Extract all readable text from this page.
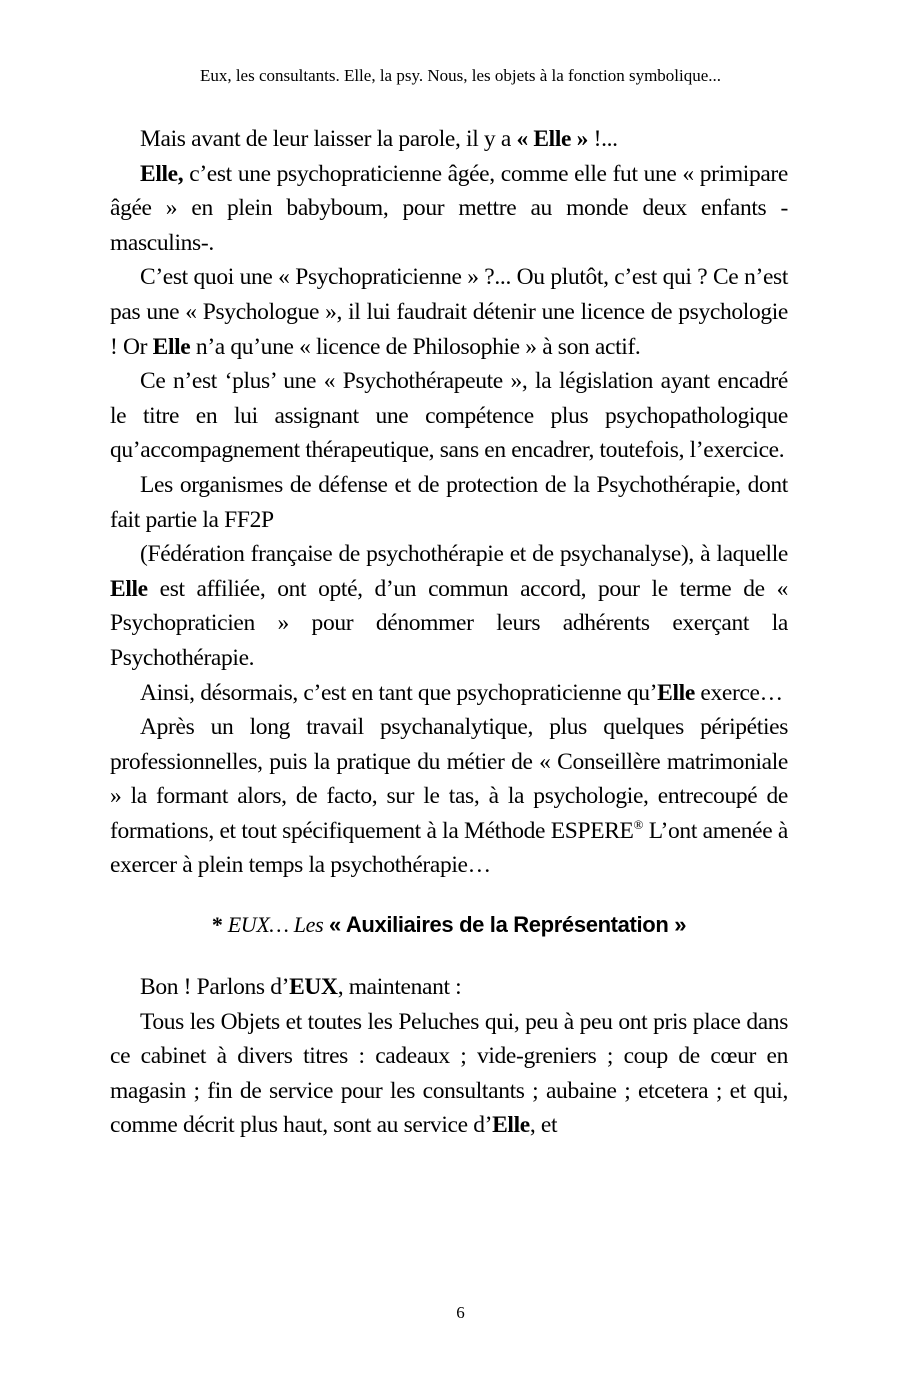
Eux, les consultants. Elle, la psy. Nous, les objets à la fonction symbolique...

Mais avant de leur laisser la parole, il y a « Elle » !...

Elle, c’est une psychopraticienne âgée, comme elle fut une « primipare âgée » en plein babyboum, pour mettre au monde deux enfants -masculins-.

C’est quoi une « Psychopraticienne » ?... Ou plutôt, c’est qui ? Ce n’est pas une « Psychologue », il lui faudrait détenir une licence de psychologie ! Or Elle n’a qu’une « licence de Philosophie » à son actif.

Ce n’est ‘plus’ une « Psychothérapeute », la législation ayant encadré le titre en lui assignant une compétence plus psychopathologique qu’accompagnement thérapeutique, sans en encadrer, toutefois, l’exercice.

Les organismes de défense et de protection de la Psychothérapie, dont fait partie la FF2P

(Fédération française de psychothérapie et de psychanalyse), à laquelle Elle est affiliée, ont opté, d’un commun accord, pour le terme de « Psychopraticien » pour dénommer leurs adhérents exerçant la Psychothérapie.

Ainsi, désormais, c’est en tant que psychopraticienne qu’Elle exerce…

Après un long travail psychanalytique, plus quelques péripéties professionnelles, puis la pratique du métier de « Conseillère matrimoniale » la formant alors, de facto, sur le tas, à la psychologie, entrecoupé de formations, et tout spécifiquement à la Méthode ESPERE® L’ont amenée à exercer à plein temps la psychothérapie…

* EUX… Les « Auxiliaires de la Représentation »

Bon ! Parlons d’EUX, maintenant :

Tous les Objets et toutes les Peluches qui, peu à peu ont pris place dans ce cabinet à divers titres : cadeaux ; vide-greniers ; coup de cœur en magasin ; fin de service pour les consultants ; aubaine ; etcetera ; et qui, comme décrit plus haut, sont au service d’Elle, et

6
